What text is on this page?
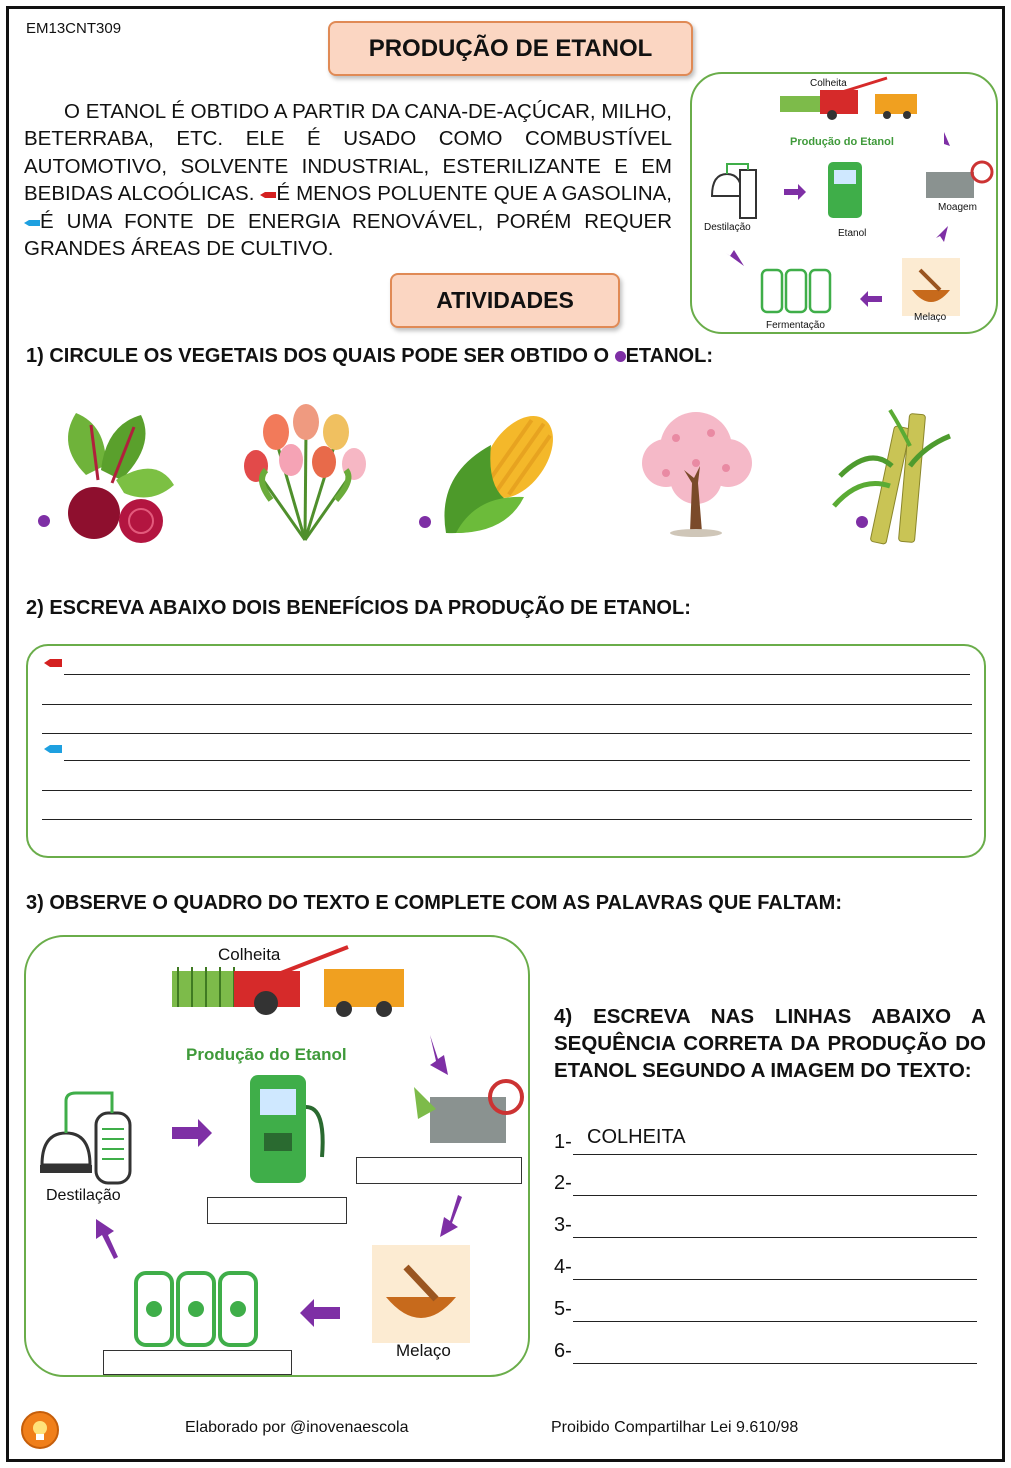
EM13CNT309
PRODUÇÃO DE ETANOL
O ETANOL É OBTIDO A PARTIR DA CANA-DE-AÇÚCAR, MILHO, BETERRABA, ETC. ELE É USADO COMO COMBUSTÍVEL AUTOMOTIVO, SOLVENTE INDUSTRIAL, ESTERILIZANTE E EM BEBIDAS ALCOÓLICAS. É MENOS POLUENTE QUE A GASOLINA, É UMA FONTE DE ENERGIA RENOVÁVEL, PORÉM REQUER GRANDES ÁREAS DE CULTIVO.
Colheita
Produção do Etanol
Moagem
Etanol
Destilação
Melaço
Fermentação
ATIVIDADES
1) CIRCULE OS VEGETAIS DOS QUAIS PODE SER OBTIDO O ETANOL:
2) ESCREVA ABAIXO DOIS BENEFÍCIOS DA PRODUÇÃO DE ETANOL:
3) OBSERVE O QUADRO DO TEXTO E COMPLETE COM AS PALAVRAS QUE FALTAM:
Colheita
Produção do Etanol
Destilação
Melaço
4) ESCREVA NAS LINHAS ABAIXO A SEQUÊNCIA CORRETA DA PRODUÇÃO DO ETANOL SEGUNDO A IMAGEM DO TEXTO:
1- COLHEITA
2-
3-
4-
5-
6-
Elaborado por @inovenaescola	Proibido Compartilhar Lei 9.610/98
